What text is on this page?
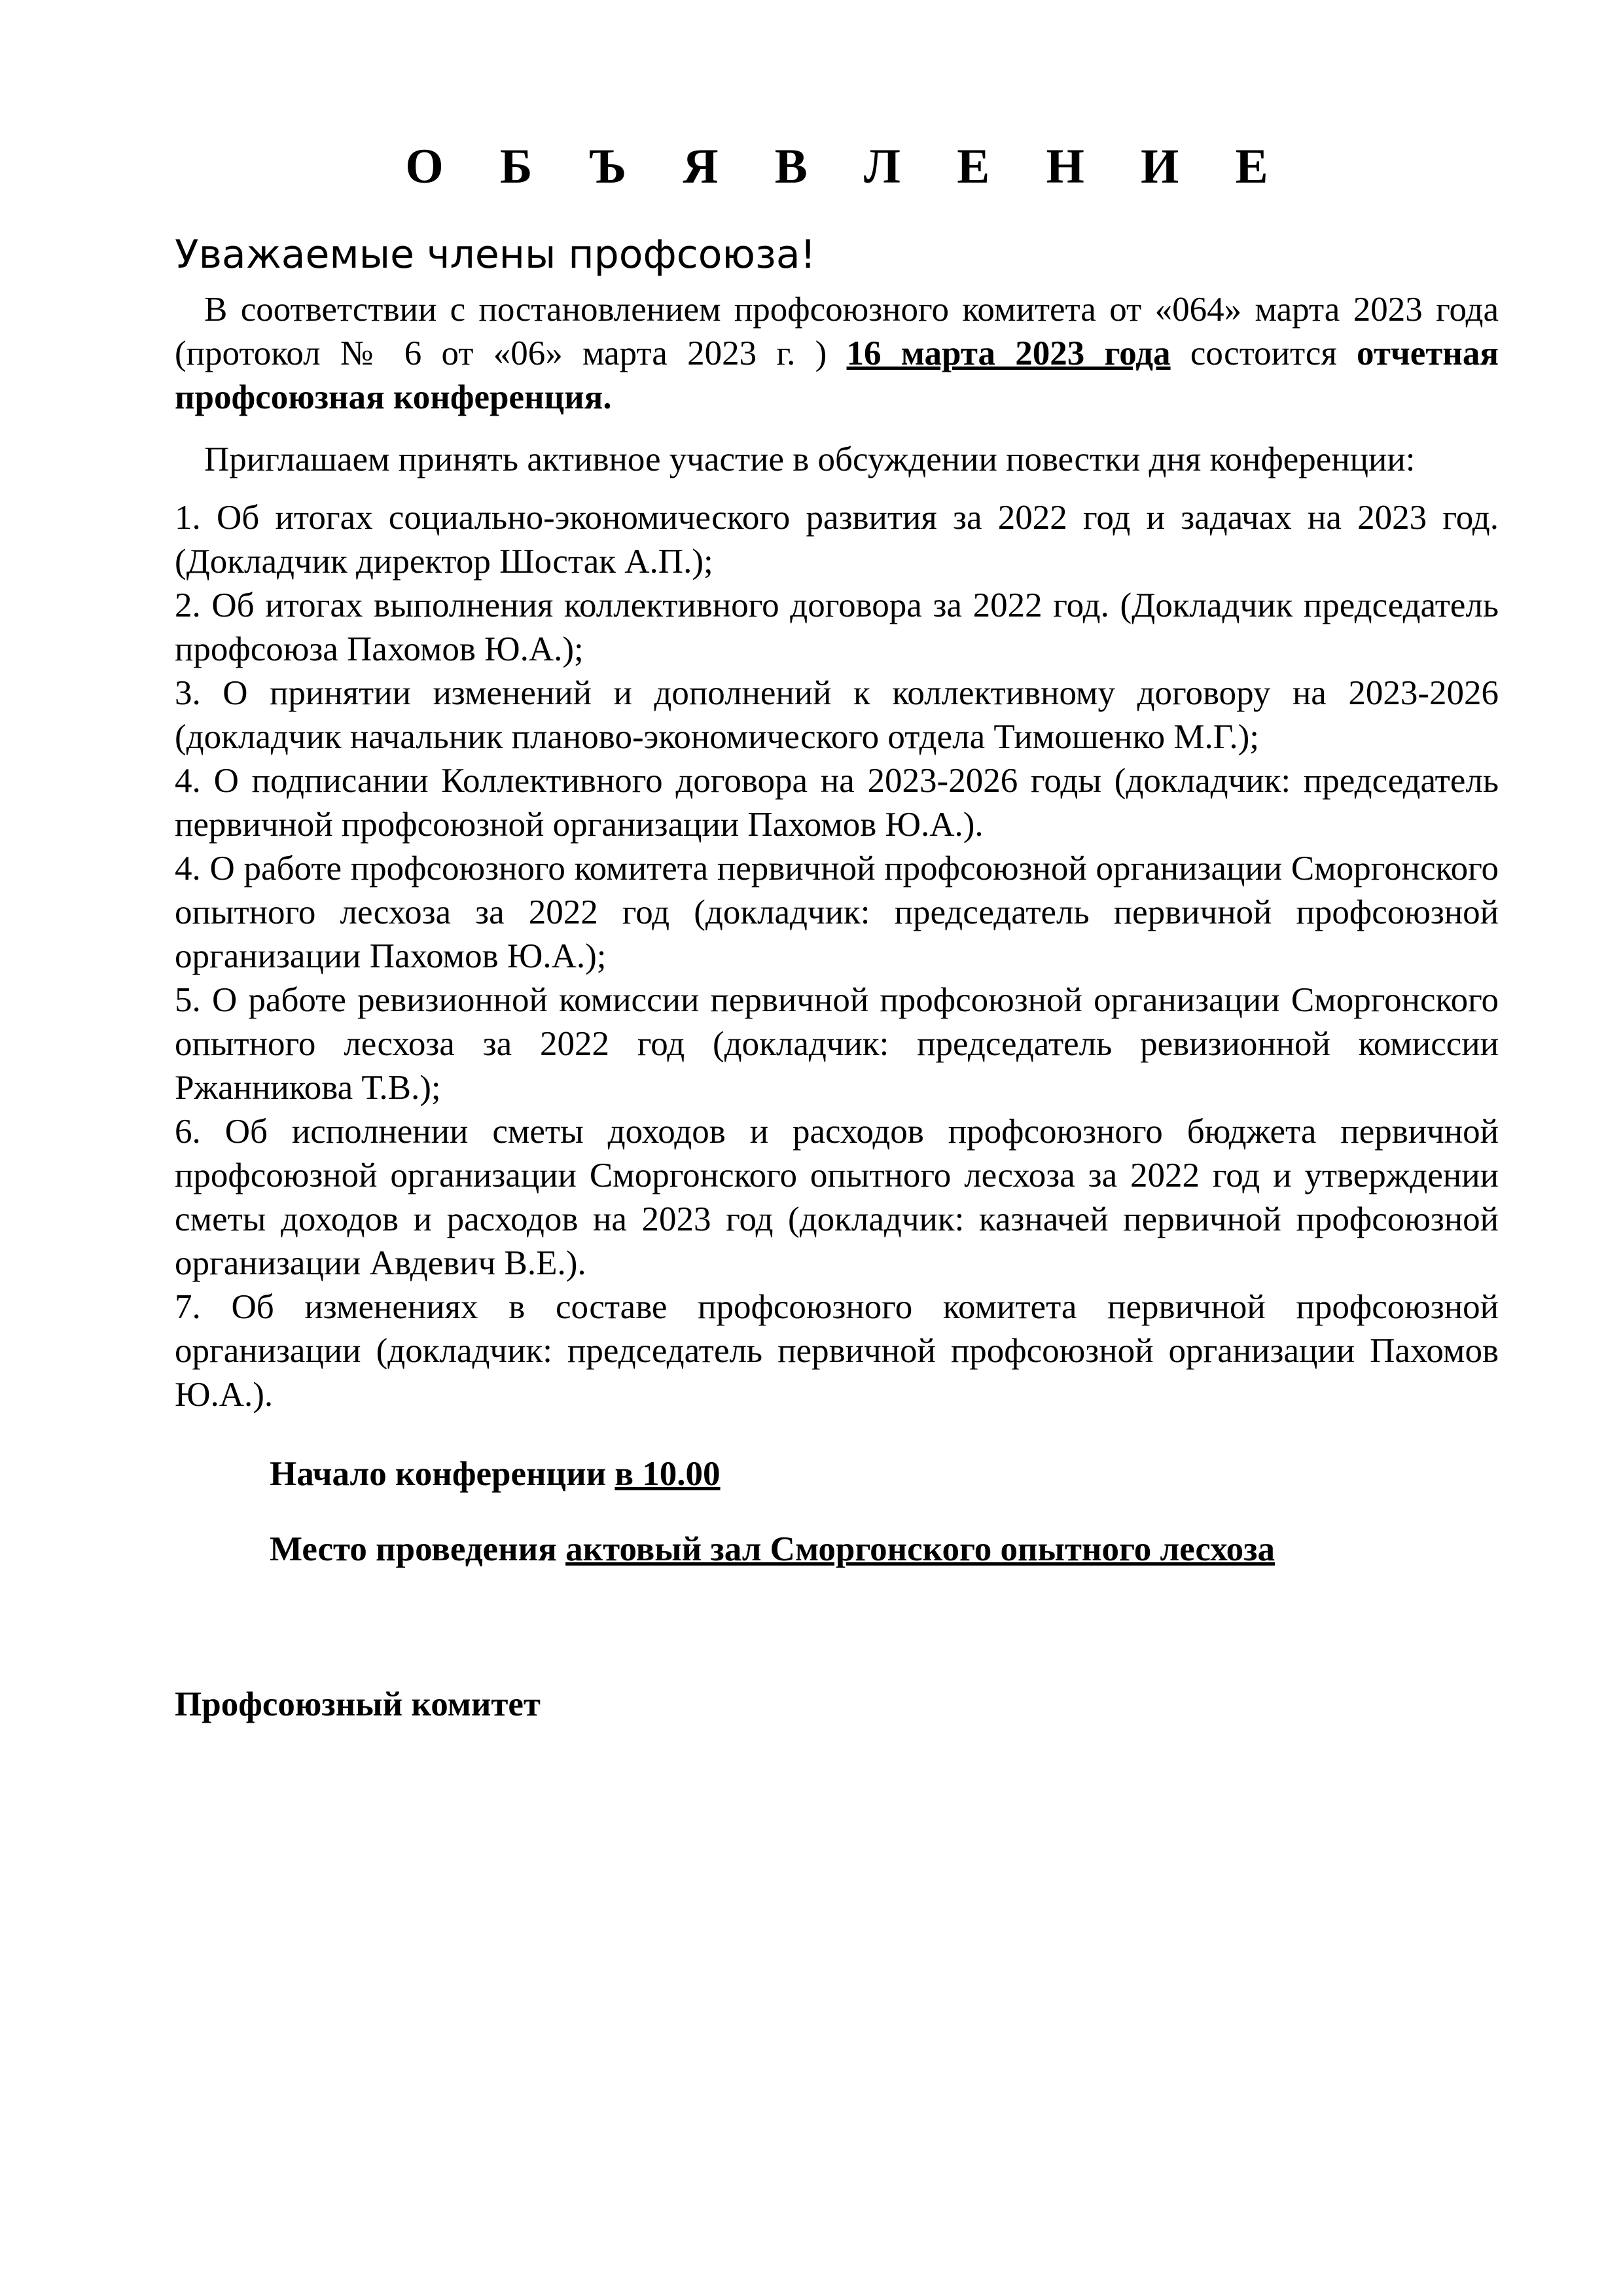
О Б Ъ Я В Л Е Н И Е
Уважаемые члены профсоюза!

В соответствии с постановлением профсоюзного комитета от «064» марта 2023 года (протокол № 6 от «06» марта 2023 г. ) 16 марта 2023 года состоится отчетная профсоюзная конференция.

Приглашаем принять активное участие в обсуждении повестки дня конференции:

1. Об итогах социально-экономического развития за 2022 год и задачах на 2023 год. (Докладчик директор Шостак А.П.);

2. Об итогах выполнения коллективного договора за 2022 год. (Докладчик председатель профсоюза Пахомов Ю.А.);

3. О принятии изменений и дополнений к коллективному договору на 2023-2026 (докладчик начальник планово-экономического отдела Тимошенко М.Г.);

4. О подписании Коллективного договора на 2023-2026 годы (докладчик: председатель первичной профсоюзной организации Пахомов Ю.А.).

4. О работе профсоюзного комитета первичной профсоюзной организации Сморгонского опытного лесхоза за 2022 год (докладчик: председатель первичной профсоюзной организации Пахомов Ю.А.);

5. О работе ревизионной комиссии первичной профсоюзной организации Сморгонского опытного лесхоза за 2022 год (докладчик: председатель ревизионной комиссии Ржанникова Т.В.);

6. Об исполнении сметы доходов и расходов профсоюзного бюджета первичной профсоюзной организации Сморгонского опытного лесхоза за 2022 год и утверждении сметы доходов и расходов на 2023 год (докладчик: казначей первичной профсоюзной организации Авдевич В.Е.).

7. Об изменениях в составе профсоюзного комитета первичной профсоюзной организации (докладчик: председатель первичной профсоюзной организации Пахомов Ю.А.).

Начало конференции в 10.00
Место проведения актовый зал Сморгонского опытного лесхоза
Профсоюзный комитет
